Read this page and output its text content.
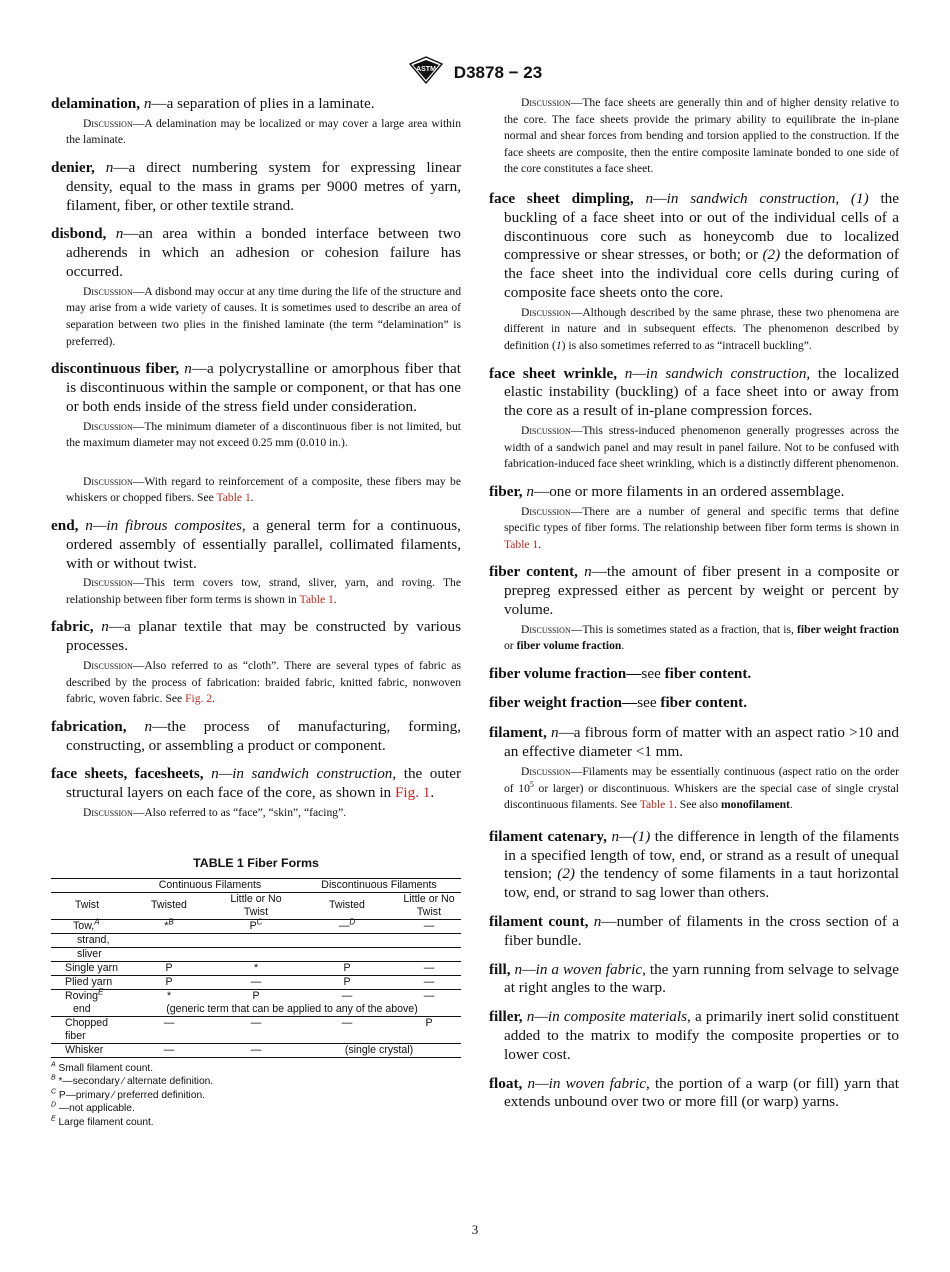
ASTM D3878 − 23

delamination, n—a separation of plies in a laminate.

Discussion—A delamination may be localized or may cover a large area within the laminate.

denier, n—a direct numbering system for expressing linear density, equal to the mass in grams per 9000 metres of yarn, filament, fiber, or other textile strand.

disbond, n—an area within a bonded interface between two adherends in which an adhesion or cohesion failure has occurred.

Discussion—A disbond may occur at any time during the life of the structure and may arise from a wide variety of causes. It is sometimes used to describe an area of separation between two plies in the finished laminate (the term “delamination” is preferred).

discontinuous fiber, n—a polycrystalline or amorphous fiber that is discontinuous within the sample or component, or that has one or both ends inside of the stress field under consideration.

Discussion—The minimum diameter of a discontinuous fiber is not limited, but the maximum diameter may not exceed 0.25 mm (0.010 in.).

Discussion—With regard to reinforcement of a composite, these fibers may be whiskers or chopped fibers. See Table 1.

end, n—in fibrous composites, a general term for a continuous, ordered assembly of essentially parallel, collimated filaments, with or without twist.

Discussion—This term covers tow, strand, sliver, yarn, and roving. The relationship between fiber form terms is shown in Table 1.

fabric, n—a planar textile that may be constructed by various processes.

Discussion—Also referred to as “cloth”. There are several types of fabric as described by the process of fabrication: braided fabric, knitted fabric, nonwoven fabric, woven fabric. See Fig. 2.

fabrication, n—the process of manufacturing, forming, constructing, or assembling a product or component.

face sheets, facesheets, n—in sandwich construction, the outer structural layers on each face of the core, as shown in Fig. 1.

Discussion—Also referred to as “face”, “skin”, “facing”.

TABLE 1 Fiber Forms
	Continuous Filaments		Discontinuous Filaments	
Twist	Twisted	Little or No Twist	Twisted	Little or No Twist
Tow,$^A$	*$^B$	$P^C$	—$^D$	—
strand,				
sliver				
Single yarn	P	*	P	—
Plied yarn	P	—	P	—
Roving$^E$	*	P	—	—
end	(generic term that can be applied to any of the above)			
Chopped fiber	—	—	—	P
Whisker	—	—	(single crystal)	
$^A$ Small filament count.
$^B$ *—secondary ⁄ alternate definition.
$^C$ P—primary ⁄ preferred definition.
$^D$ —not applicable.
$^E$ Large filament count.

Discussion—The face sheets are generally thin and of higher density relative to the core. The face sheets provide the primary ability to equilibrate the in-plane normal and shear forces from bending and torsion applied to the construction. If the face sheets are composite, then the entire composite laminate bonded to one side of the core constitutes a face sheet.

face sheet dimpling, n—in sandwich construction, (1) the buckling of a face sheet into or out of the individual cells of a discontinuous core such as honeycomb due to localized compressive or shear stresses, or both; or (2) the deformation of the face sheet into the individual core cells during curing of composite face sheets onto the core.

Discussion—Although described by the same phrase, these two phenomena are different in nature and in subsequent effects. The phenomenon described by definition (1) is also sometimes referred to as “intracell buckling”.

face sheet wrinkle, n—in sandwich construction, the localized elastic instability (buckling) of a face sheet into or away from the core as a result of in-plane compression forces.

Discussion—This stress-induced phenomenon generally progresses across the width of a sandwich panel and may result in panel failure. Not to be confused with fabrication-induced face sheet wrinkling, which is a distinctly different phenomenon.

fiber, n—one or more filaments in an ordered assemblage.

Discussion—There are a number of general and specific terms that define specific types of fiber forms. The relationship between fiber form terms is shown in Table 1.

fiber content, n—the amount of fiber present in a composite or prepreg expressed either as percent by weight or percent by volume.

Discussion—This is sometimes stated as a fraction, that is, fiber weight fraction or fiber volume fraction.

fiber volume fraction—see fiber content.

fiber weight fraction—see fiber content.

filament, n—a fibrous form of matter with an aspect ratio >10 and an effective diameter <1 mm.

Discussion—Filaments may be essentially continuous (aspect ratio on the order of $10^5$ or larger) or discontinuous. Whiskers are the special case of single crystal discontinuous filaments. See Table 1. See also monofilament.

filament catenary, n—(1) the difference in length of the filaments in a specified length of tow, end, or strand as a result of unequal tension; (2) the tendency of some filaments in a taut horizontal tow, end, or strand to sag lower than others.

filament count, n—number of filaments in the cross section of a fiber bundle.

fill, n—in a woven fabric, the yarn running from selvage to selvage at right angles to the warp.

filler, n—in composite materials, a primarily inert solid constituent added to the matrix to modify the composite properties or to lower cost.

float, n—in woven fabric, the portion of a warp (or fill) yarn that extends unbound over two or more fill (or warp) yarns.

3
